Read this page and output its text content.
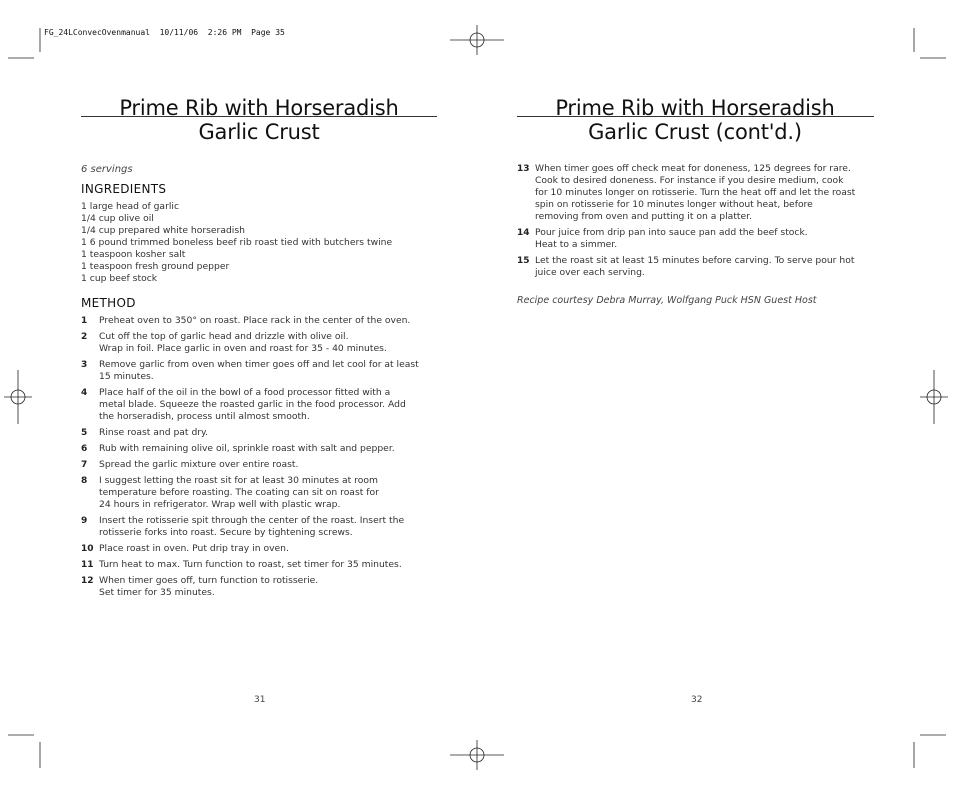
FG_24LConvecOvenmanual  10/11/06  2:26 PM  Page 35
Prime Rib with Horseradish
Garlic Crust
6 servings
INGREDIENTS
1 large head of garlic
1/4 cup olive oil
1/4 cup prepared white horseradish
1 6 pound trimmed boneless beef rib roast tied with butchers twine
1 teaspoon kosher salt
1 teaspoon fresh ground pepper
1 cup beef stock
METHOD
1 Preheat oven to 350° on roast. Place rack in the center of the oven.
2 Cut off the top of garlic head and drizzle with olive oil.
Wrap in foil. Place garlic in oven and roast for 35 - 40 minutes.
3 Remove garlic from oven when timer goes off and let cool for at least
15 minutes.
4 Place half of the oil in the bowl of a food processor fitted with a
metal blade. Squeeze the roasted garlic in the food processor. Add
the horseradish, process until almost smooth.
5 Rinse roast and pat dry.
6 Rub with remaining olive oil, sprinkle roast with salt and pepper.
7 Spread the garlic mixture over entire roast.
8 I suggest letting the roast sit for at least 30 minutes at room
temperature before roasting. The coating can sit on roast for
24 hours in refrigerator. Wrap well with plastic wrap.
9 Insert the rotisserie spit through the center of the roast. Insert the
rotisserie forks into roast. Secure by tightening screws.
10 Place roast in oven. Put drip tray in oven.
11 Turn heat to max. Turn function to roast, set timer for 35 minutes.
12 When timer goes off, turn function to rotisserie.
Set timer for 35 minutes.
31
Prime Rib with Horseradish
Garlic Crust (cont'd.)
13 When timer goes off check meat for doneness, 125 degrees for rare.
Cook to desired doneness. For instance if you desire medium, cook
for 10 minutes longer on rotisserie. Turn the heat off and let the roast
spin on rotisserie for 10 minutes longer without heat, before
removing from oven and putting it on a platter.
14 Pour juice from drip pan into sauce pan add the beef stock.
Heat to a simmer.
15 Let the roast sit at least 15 minutes before carving. To serve pour hot
juice over each serving.
Recipe courtesy Debra Murray, Wolfgang Puck HSN Guest Host
32
